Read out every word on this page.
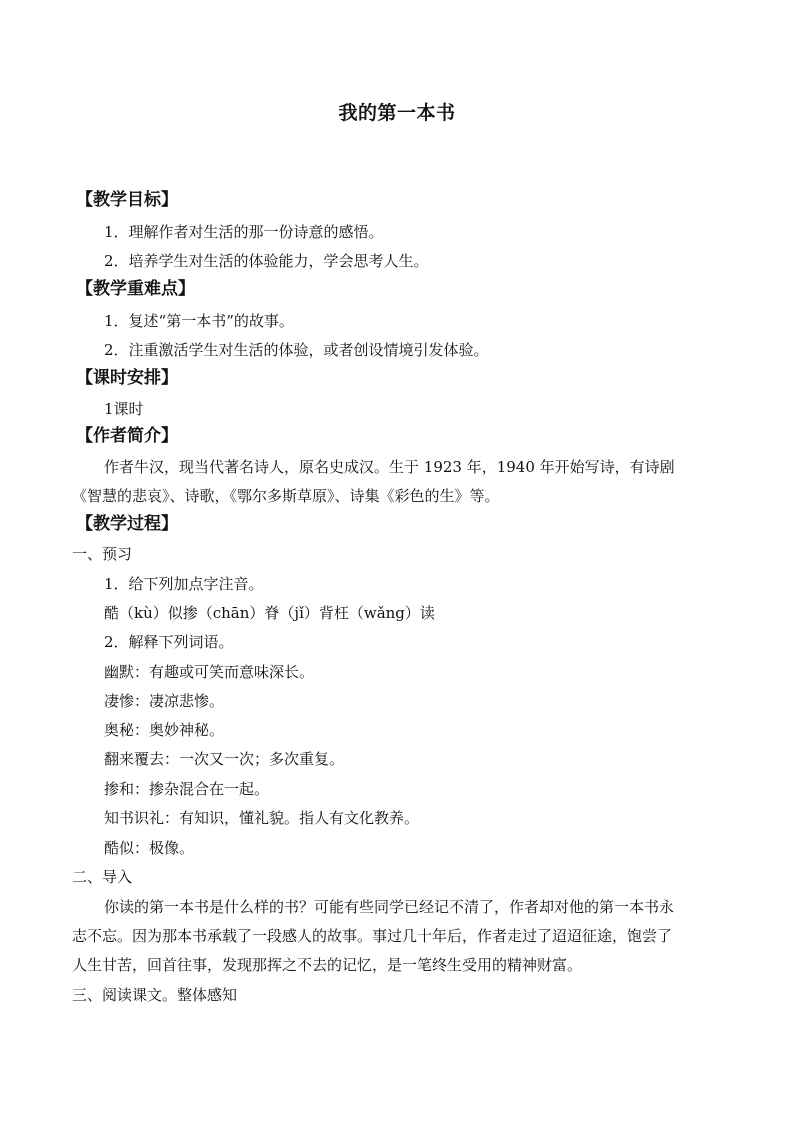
我的第一本书
【教学目标】
1．理解作者对生活的那一份诗意的感悟。
2．培养学生对生活的体验能力，学会思考人生。
【教学重难点】
1．复述“第一本书”的故事。
2．注重激活学生对生活的体验，或者创设情境引发体验。
【课时安排】
1课时
【作者简介】
作者牛汉，现当代著名诗人，原名史成汉。生于 1923 年，1940 年开始写诗，有诗剧
《智慧的悲哀》、诗歌，《鄂尔多斯草原》、诗集《彩色的生》等。
【教学过程】
一、预习
1．给下列加点字注音。
酷（kù）似掺（chān）脊（jǐ）背枉（wǎng）读
2．解释下列词语。
幽默：有趣或可笑而意味深长。
凄惨：凄凉悲惨。
奥秘：奥妙神秘。
翻来覆去：一次又一次；多次重复。
掺和：掺杂混合在一起。
知书识礼：有知识，懂礼貌。指人有文化教养。
酷似：极像。
二、导入
你读的第一本书是什么样的书？可能有些同学已经记不清了，作者却对他的第一本书永
志不忘。因为那本书承载了一段感人的故事。事过几十年后，作者走过了迢迢征途，饱尝了
人生甘苦，回首往事，发现那挥之不去的记忆，是一笔终生受用的精神财富。
三、阅读课文。整体感知
